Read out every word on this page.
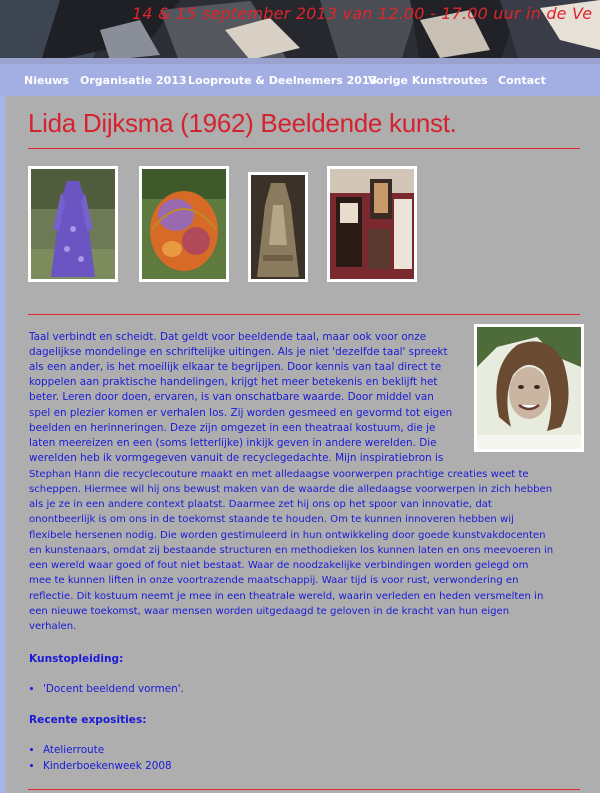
14 & 15 september 2013 van 12.00 - 17.00 uur in de Ve
Nieuws Organisatie 2013 Looproute & Deelnemers 2013
Vorige Kunstroutes Contact
Lida Dijksma (1962) Beeldende kunst.
Taal verbindt en scheidt. Dat geldt voor beeldende taal, maar ook voor onze
dagelijkse mondelinge en schriftelijke uitingen. Als je niet 'dezelfde taal' spreekt
als een ander, is het moeilijk elkaar te begrijpen. Door kennis van taal direct te
koppelen aan praktische handelingen, krijgt het meer betekenis en beklijft het
beter. Leren door doen, ervaren, is van onschatbare waarde. Door middel van
spel en plezier komen er verhalen los. Zij worden gesmeed en gevormd tot eigen
beelden en herinneringen. Deze zijn omgezet in een theatraal kostuum, die je
laten meereizen en een (soms letterlijke) inkijk geven in andere werelden. Die
werelden heb ik vormgegeven vanuit de recyclegedachte. Mijn inspiratiebron is
Stephan Hann die recyclecouture maakt en met alledaagse voorwerpen prachtige creaties weet te
scheppen. Hiermee wil hij ons bewust maken van de waarde die alledaagse voorwerpen in zich hebben
als je ze in een andere context plaatst. Daarmee zet hij ons op het spoor van innovatie, dat
onontbeerlijk is om ons in de toekomst staande te houden. Om te kunnen innoveren hebben wij
flexibele hersenen nodig. Die worden gestimuleerd in hun ontwikkeling door goede kunstvakdocenten
en kunstenaars, omdat zij bestaande structuren en methodieken los kunnen laten en ons meevoeren in
een wereld waar goed of fout niet bestaat. Waar de noodzakelijke verbindingen worden gelegd om
mee te kunnen liften in onze voortrazende maatschappij. Waar tijd is voor rust, verwondering en
reflectie. Dit kostuum neemt je mee in een theatrale wereld, waarin verleden en heden versmelten in
een nieuwe toekomst, waar mensen worden uitgedaagd te geloven in de kracht van hun eigen
verhalen.
Kunstopleiding:
• 'Docent beeldend vormen'.
Recente exposities:
• Atelierroute
• Kinderboekenweek 2008
